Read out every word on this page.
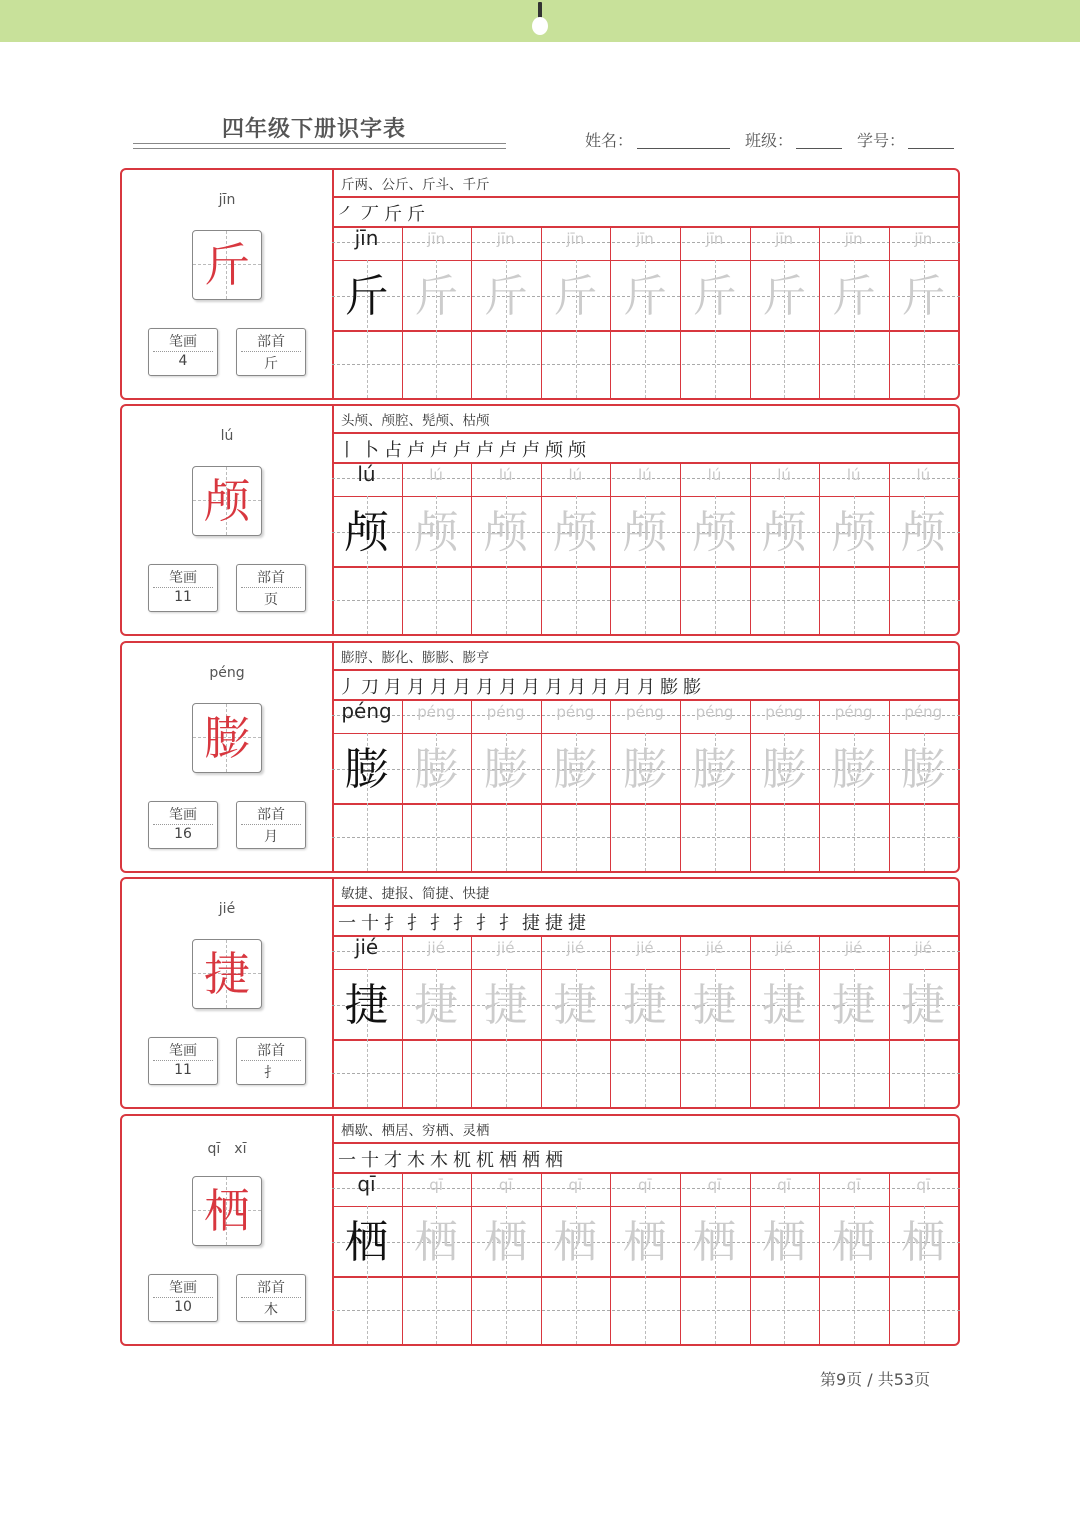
四年级下册识字表	姓名：	班级：	学号：
jīn
斤
笔画
4
部首
斤
斤两、公斤、斤斗、千斤
㇒丆斤斤
jīn
斤
jīn
斤
jīn
斤
jīn
斤
jīn
斤
jīn
斤
jīn
斤
jīn
斤
jīn
斤
lú
颅
笔画
11
部首
页
头颅、颅腔、髡颅、枯颅
丨卜占卢卢卢卢卢卢颅颅
lú
颅
lú
颅
lú
颅
lú
颅
lú
颅
lú
颅
lú
颅
lú
颅
lú
颅
péng
膨
笔画
16
部首
月
膨脝、膨化、膨膨、膨亨
丿刀月月月月月月月月月月月月膨膨
péng
膨
péng
膨
péng
膨
péng
膨
péng
膨
péng
膨
péng
膨
péng
膨
péng
膨
jié
捷
笔画
11
部首
扌
敏捷、捷报、简捷、快捷
一十扌扌扌扌扌扌捷捷捷
jié
捷
jié
捷
jié
捷
jié
捷
jié
捷
jié
捷
jié
捷
jié
捷
jié
捷
qī　xī
栖
笔画
10
部首
木
栖歇、栖居、穷栖、灵栖
一十才木木杌杌栖栖栖
qī
栖
qī
栖
qī
栖
qī
栖
qī
栖
qī
栖
qī
栖
qī
栖
qī
栖
第9页 / 共53页
